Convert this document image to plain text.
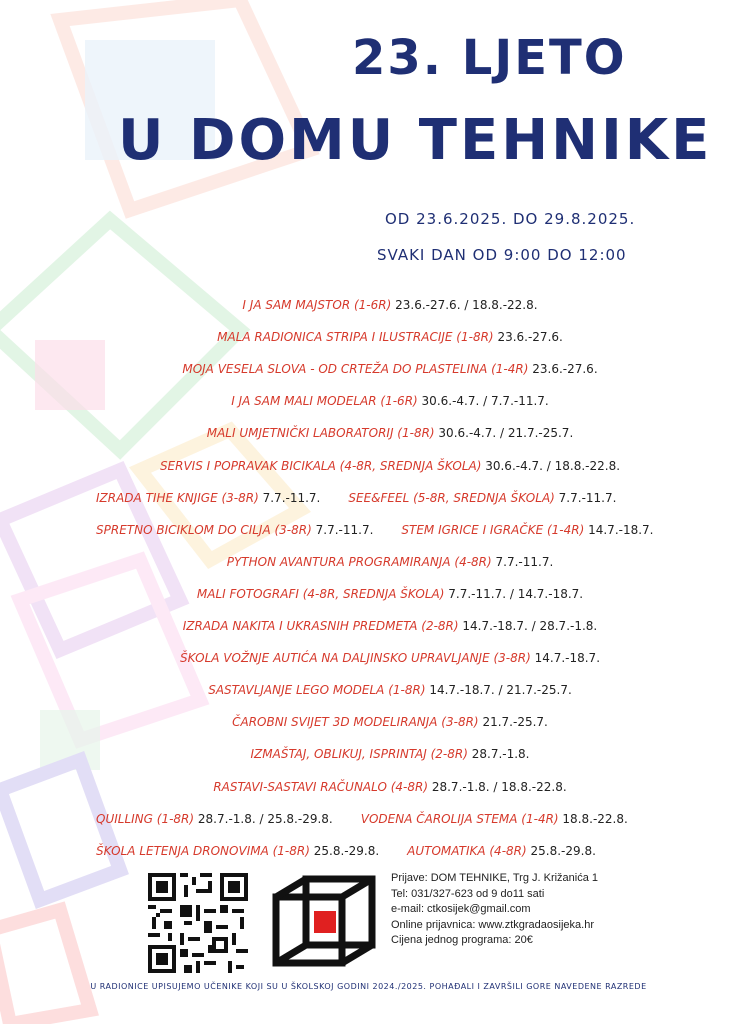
23. LJETO
U DOMU TEHNIKE
OD 23.6.2025. DO 29.8.2025.
SVAKI DAN OD 9:00 DO 12:00
I JA SAM MAJSTOR (1-6R) 23.6.-27.6. / 18.8.-22.8.
MALA RADIONICA STRIPA I ILUSTRACIJE (1-8R) 23.6.-27.6.
MOJA VESELA SLOVA - OD CRTEŽA DO PLASTELINA (1-4R) 23.6.-27.6.
I JA SAM MALI MODELAR (1-6R) 30.6.-4.7. / 7.7.-11.7.
MALI UMJETNIČKI LABORATORIJ (1-8R) 30.6.-4.7. / 21.7.-25.7.
SERVIS I POPRAVAK BICIKALA (4-8R, SREDNJA ŠKOLA) 30.6.-4.7. / 18.8.-22.8.
IZRADA TIHE KNJIGE (3-8R) 7.7.-11.7. SEE&FEEL (5-8R, SREDNJA ŠKOLA) 7.7.-11.7.
SPRETNO BICIKLOM DO CILJA (3-8R) 7.7.-11.7. STEM IGRICE I IGRAČKE (1-4R) 14.7.-18.7.
PYTHON AVANTURA PROGRAMIRANJA (4-8R) 7.7.-11.7.
MALI FOTOGRAFI (4-8R, SREDNJA ŠKOLA) 7.7.-11.7. / 14.7.-18.7.
IZRADA NAKITA I UKRASNIH PREDMETA (2-8R) 14.7.-18.7. / 28.7.-1.8.
ŠKOLA VOŽNJE AUTIĆA NA DALJINSKO UPRAVLJANJE (3-8R) 14.7.-18.7.
SASTAVLJANJE LEGO MODELA (1-8R) 14.7.-18.7. / 21.7.-25.7.
ČAROBNI SVIJET 3D MODELIRANJA (3-8R) 21.7.-25.7.
IZMAŠTAJ, OBLIKUJ, ISPRINTAJ (2-8R) 28.7.-1.8.
RASTAVI-SASTAVI RAČUNALO (4-8R) 28.7.-1.8. / 18.8.-22.8.
QUILLING (1-8R) 28.7.-1.8. / 25.8.-29.8. VODENA ČAROLIJA STEMA (1-4R) 18.8.-22.8.
ŠKOLA LETENJA DRONOVIMA (1-8R) 25.8.-29.8. AUTOMATIKA (4-8R) 25.8.-29.8.
Prijave: DOM TEHNIKE, Trg J. Križanića 1
Tel: 031/327-623 od 9 do11 sati
e-mail: ctkosijek@gmail.com
Online prijavnica: www.ztkgradaosijeka.hr
Cijena jednog programa: 20€
U RADIONICE UPISUJEMO UČENIKE KOJI SU U ŠKOLSKOJ GODINI 2024./2025. POHAĐALI I ZAVRŠILI GORE NAVEDENE RAZREDE
